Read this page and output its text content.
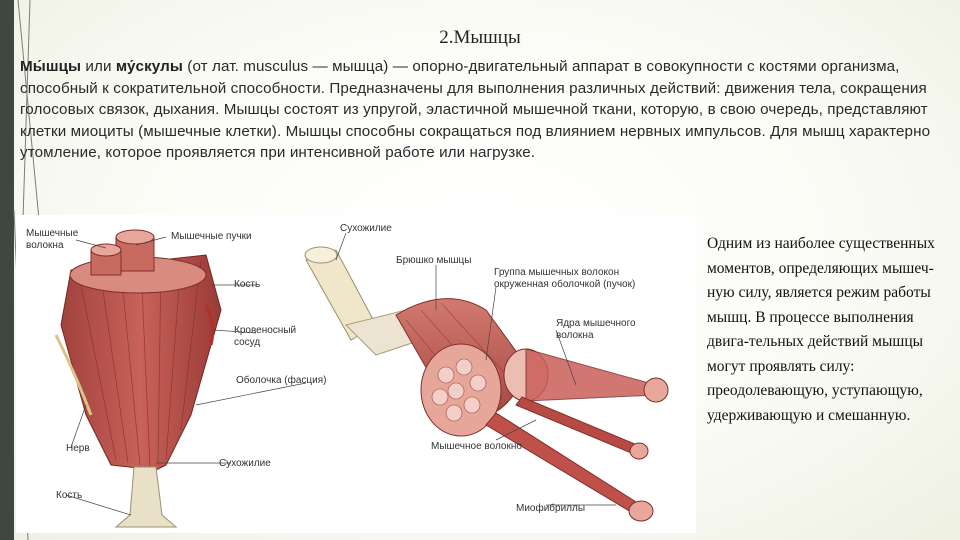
2.Мышцы
Мы́шцы или му́скулы (от лат. musculus — мышца) — опорно-двигательный аппарат в совокупности с костями организма, способный к сократительной способности. Предназначены для выполнения различных действий: движения тела, сокращения голосовых связок, дыхания. Мышцы состоят из упругой, эластичной мышечной ткани, которую, в свою очередь, представляют клетки миоциты (мышечные клетки). Мышцы способны сокращаться под влиянием нервных импульсов. Для мышц характерно утомление, которое проявляется при интенсивной работе или нагрузке.
Мышечные волокна
Мышечные пучки
Кость
Кровеносный сосуд
Оболочка (фасция)
Нерв
Сухожилие
Кость
Сухожилие
Брюшко мышцы
Группа мышечных волокон окруженная оболочкой (пучок)
Ядра мышечного волокна
Мышечное волокно
Миофибриллы
Одним из наиболее существенных моментов, определяющих мышеч-ную силу, является режим работы мышц. В процессе выполнения двига-тельных действий мышцы могут проявлять силу: преодолевающую, уступающую, удерживающую и смешанную.
